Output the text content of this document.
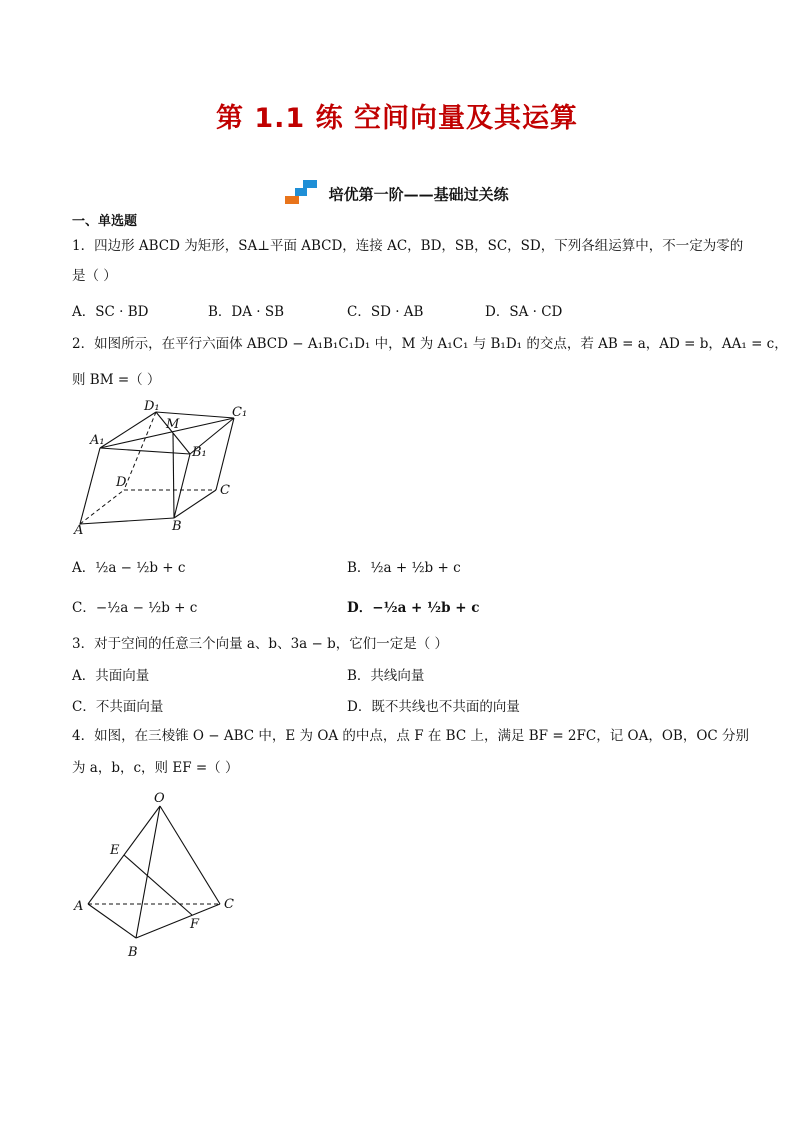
第 1.1 练 空间向量及其运算
培优第一阶——基础过关练
一、单选题
1．四边形 ABCD 为矩形，SA⊥平面 ABCD，连接 AC，BD，SB，SC，SD，下列各组运算中，不一定为零的
是（ ）
A．SC · BD	B．DA · SB	C．SD · AB	D．SA · CD
2．如图所示，在平行六面体 ABCD − A₁B₁C₁D₁ 中，M 为 A₁C₁ 与 B₁D₁ 的交点，若 AB = a，AD = b，AA₁ = c，
则 BM =（ ）
D₁	C₁
A₁
M
B₁
D
C
A	B
A．½a − ½b + c	B．½a + ½b + c
C．−½a − ½b + c	D．−½a + ½b + c
3．对于空间的任意三个向量 a、b、3a − b，它们一定是（ ）
A．共面向量	B．共线向量
C．不共面向量	D．既不共线也不共面的向量
4．如图，在三棱锥 O − ABC 中，E 为 OA 的中点，点 F 在 BC 上，满足 BF = 2FC，记 OA，OB，OC 分别
为 a，b，c，则 EF =（ ）
O
E
A	C
F
B
